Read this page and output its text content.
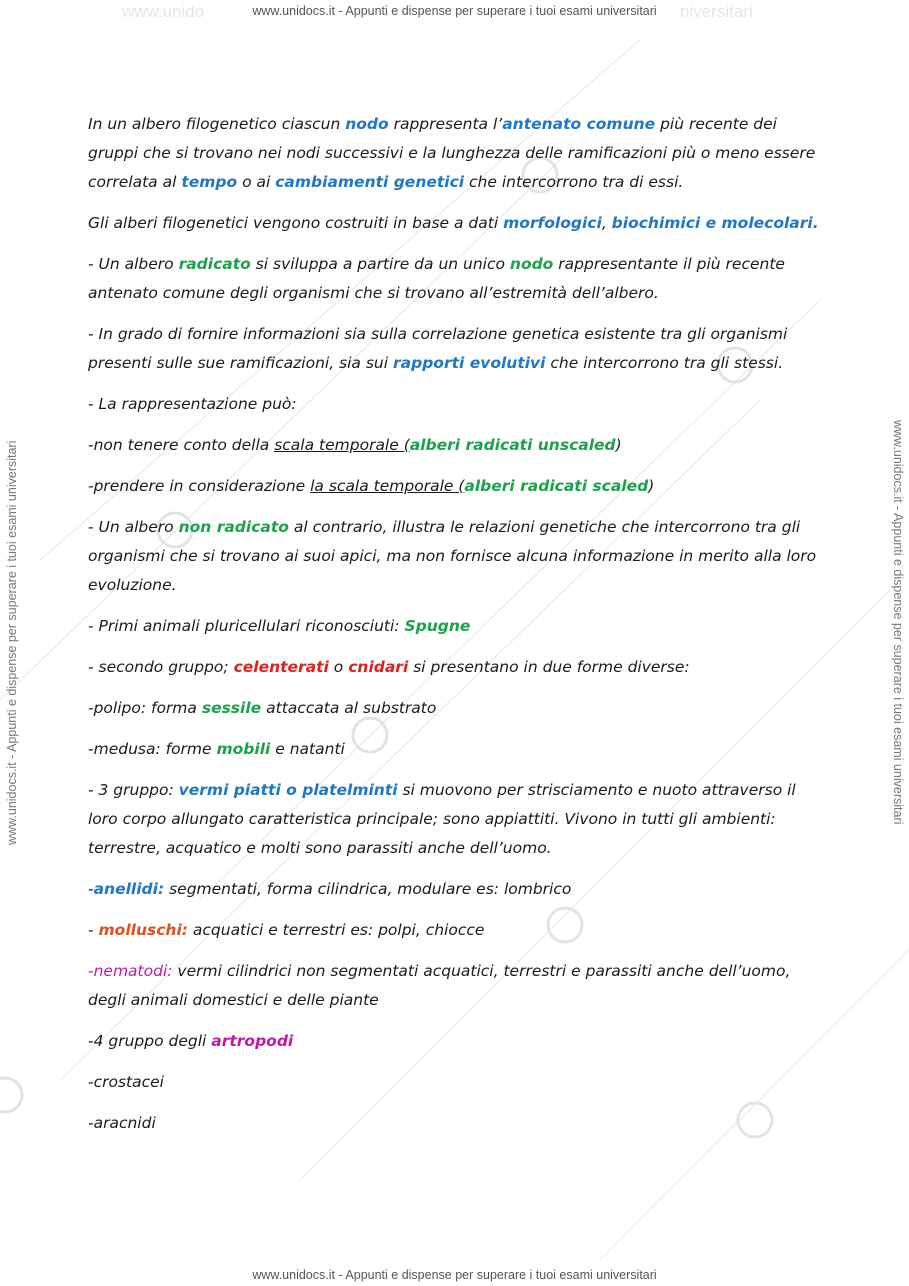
www.unido	niversitari
www.unidocs.it - Appunti e dispense per superare i tuoi esami universitari
www.unidocs.it - Appunti e dispense per superare i tuoi esami universitari
www.unidocs.it - Appunti e dispense per superare i tuoi esami universitari	www.unidocs.it - Appunti e dispense per superare i tuoi esami universitari

In un albero filogenetico ciascun nodo rappresenta l’antenato comune più recente dei gruppi che si trovano nei nodi successivi e la lunghezza delle ramificazioni più o meno essere correlata al tempo o ai cambiamenti genetici che intercorrono tra di essi.

Gli alberi filogenetici vengono costruiti in base a dati morfologici, biochimici e molecolari.

- Un albero radicato si sviluppa a partire da un unico nodo rappresentante il più recente antenato comune degli organismi che si trovano all’estremità dell’albero.

- In grado di fornire informazioni sia sulla correlazione genetica esistente tra gli organismi presenti sulle sue ramificazioni, sia sui rapporti evolutivi che intercorrono tra gli stessi.

- La rappresentazione può:

-non tenere conto della scala temporale (alberi radicati unscaled)

-prendere in considerazione la scala temporale (alberi radicati scaled)

- Un albero non radicato al contrario, illustra le relazioni genetiche che intercorrono tra gli organismi che si trovano ai suoi apici, ma non fornisce alcuna informazione in merito alla loro evoluzione.

- Primi animali pluricellulari riconosciuti: Spugne

- secondo gruppo; celenterati o cnidari si presentano in due forme diverse:

-polipo: forma sessile attaccata al substrato

-medusa: forme mobili e natanti

- 3 gruppo: vermi piatti o platelminti si muovono per strisciamento e nuoto attraverso il loro corpo allungato caratteristica principale; sono appiattiti. Vivono in tutti gli ambienti: terrestre, acquatico e molti sono parassiti anche dell’uomo.

-anellidi: segmentati, forma cilindrica, modulare es: lombrico

- molluschi: acquatici e terrestri es: polpi, chiocce

-nematodi: vermi cilindrici non segmentati acquatici, terrestri e parassiti anche dell’uomo, degli animali domestici e delle piante

-4 gruppo degli artropodi

-crostacei

-aracnidi
